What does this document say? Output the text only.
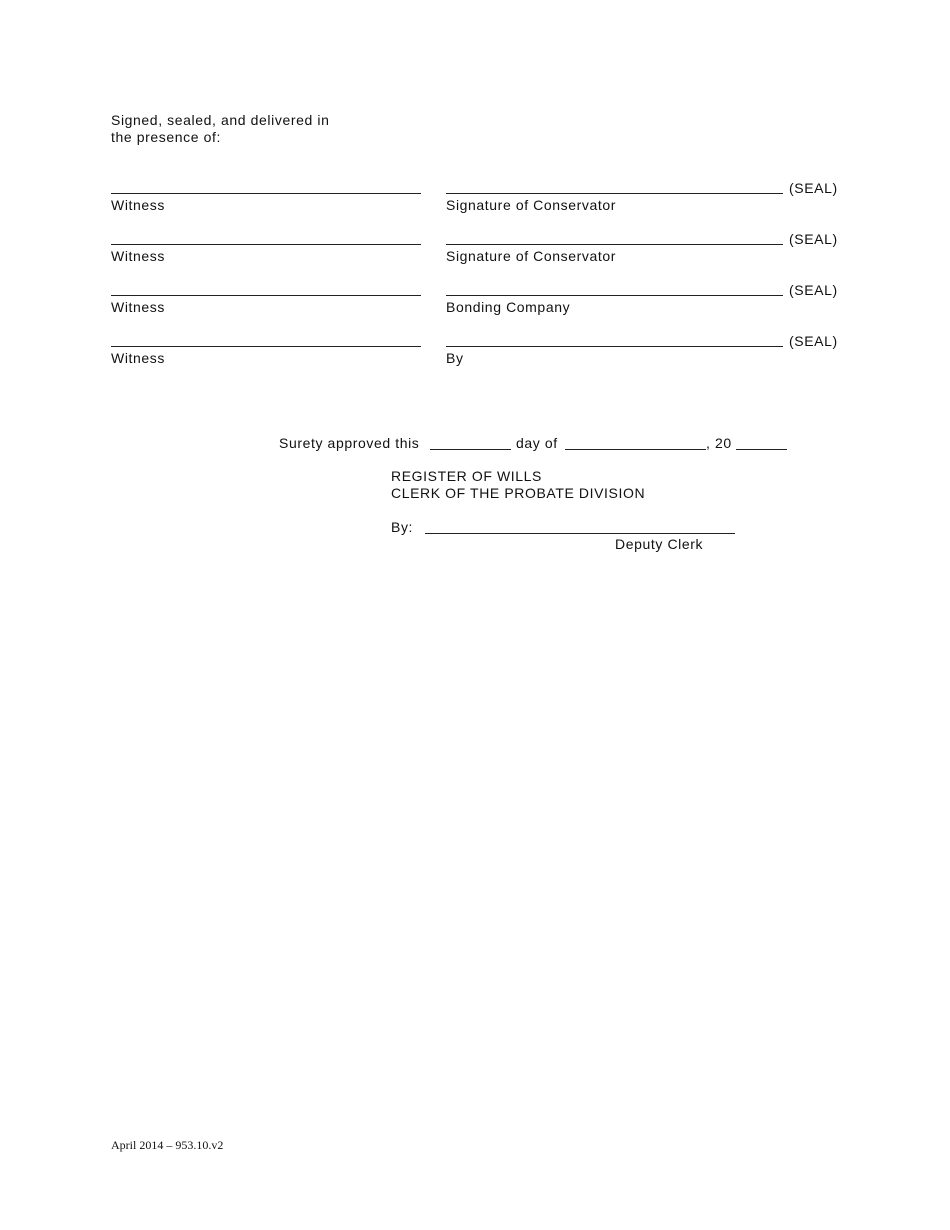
Signed, sealed, and delivered in
the presence of:
Witness
(SEAL)
Signature of Conservator
Witness
(SEAL)
Signature of Conservator
Witness
(SEAL)
Bonding Company
Witness
(SEAL)
By
Surety approved this	day of	, 20
REGISTER OF WILLS
CLERK OF THE PROBATE DIVISION
By:
Deputy Clerk
April 2014 – 953.10.v2
